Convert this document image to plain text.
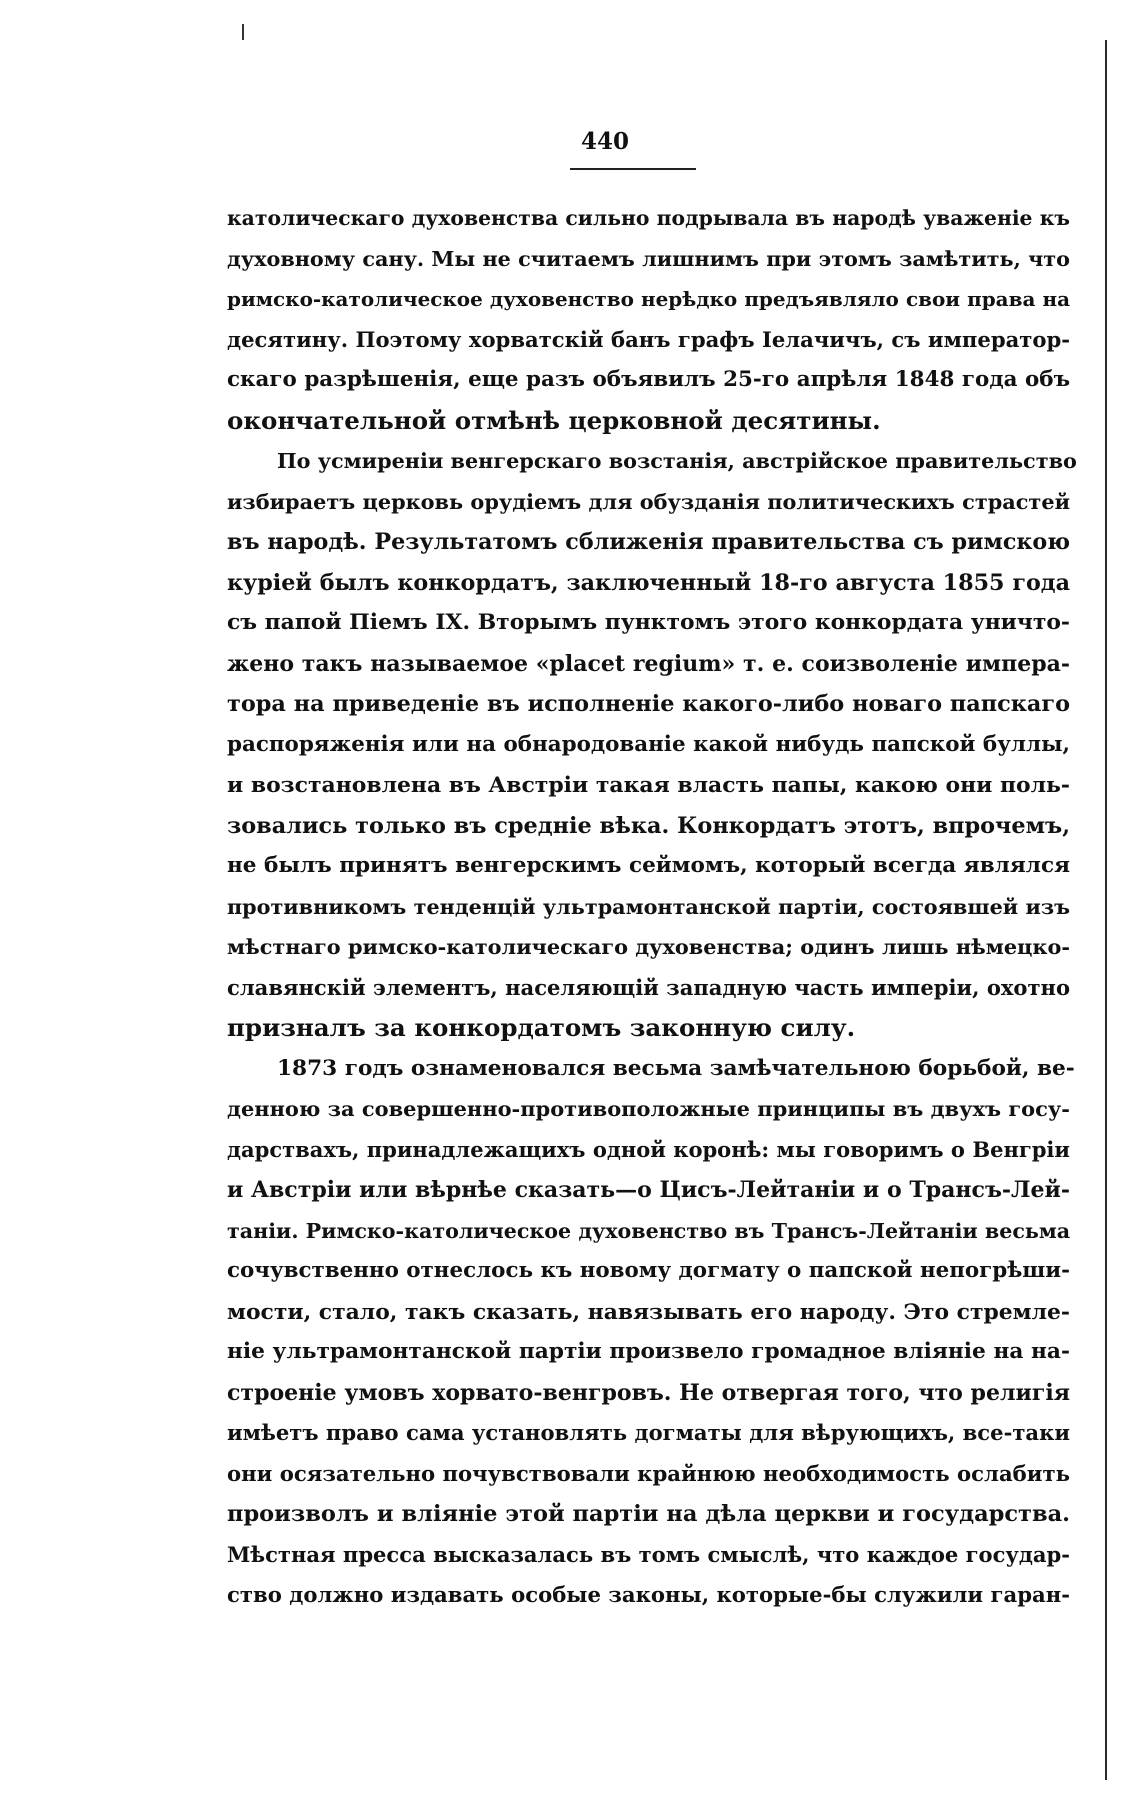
440
католическаго духовенства сильно подрывала въ народѣ уваженіе къ
духовному сану. Мы не считаемъ лишнимъ при этомъ замѣтить, что
римско-католическое духовенство нерѣдко предъявляло свои права на
десятину. Поэтому хорватскій банъ графъ Іелачичъ, съ император-
скаго разрѣшенія, еще разъ объявилъ 25-го апрѣля 1848 года объ
окончательной отмѣнѣ церковной десятины.
По усмиреніи венгерскаго возстанія, австрійское правительство
избираетъ церковь орудіемъ для обузданія политическихъ страстей
въ народѣ. Результатомъ сближенія правительства съ римскою
куріей былъ конкордатъ, заключенный 18-го августа 1855 года
съ папой Піемъ IX. Вторымъ пунктомъ этого конкордата уничто-
жено такъ называемое «placet regium» т. е. соизволеніе импера-
тора на приведеніе въ исполненіе какого-либо новаго папскаго
распоряженія или на обнародованіе какой нибудь папской буллы,
и возстановлена въ Австріи такая власть папы, какою они поль-
зовались только въ средніе вѣка. Конкордатъ этотъ, впрочемъ,
не былъ принятъ венгерскимъ сеймомъ, который всегда являлся
противникомъ тенденцій ультрамонтанской партіи, состоявшей изъ
мѣстнаго римско-католическаго духовенства; одинъ лишь нѣмецко-
славянскій элементъ, населяющій западную часть имперіи, охотно
призналъ за конкордатомъ законную силу.
1873 годъ ознаменовался весьма замѣчательною борьбой, ве-
денною за совершенно-противоположные принципы въ двухъ госу-
дарствахъ, принадлежащихъ одной коронѣ: мы говоримъ о Венгріи
и Австріи или вѣрнѣе сказать—о Цисъ-Лейтаніи и о Трансъ-Лей-
таніи. Римско-католическое духовенство въ Трансъ-Лейтаніи весьма
сочувственно отнеслось къ новому догмату о папской непогрѣши-
мости, стало, такъ сказать, навязывать его народу. Это стремле-
ніе ультрамонтанской партіи произвело громадное вліяніе на на-
строеніе умовъ хорвато-венгровъ. Не отвергая того, что религія
имѣетъ право сама установлять догматы для вѣрующихъ, все-таки
они осязательно почувствовали крайнюю необходимость ослабить
произволъ и вліяніе этой партіи на дѣла церкви и государства.
Мѣстная пресса высказалась въ томъ смыслѣ, что каждое государ-
ство должно издавать особые законы, которые-бы служили гаран-
